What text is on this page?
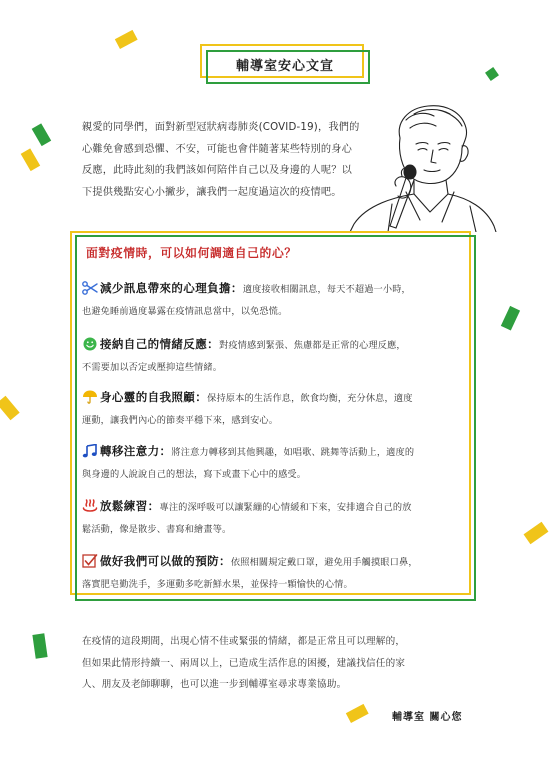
輔導室安心文宣
親愛的同學們，面對新型冠狀病毒肺炎(COVID-19)，我們的
心難免會感到恐懼、不安，可能也會伴隨著某些特別的身心
反應，此時此刻的我們該如何陪伴自己以及身邊的人呢？以
下提供幾點安心小撇步，讓我們一起度過這次的疫情吧。
面對疫情時，可以如何調適自己的心？
減少訊息帶來的心理負擔：適度接收相關訊息，每天不超過一小時，
也避免睡前過度暴露在疫情訊息當中，以免恐慌。
接納自己的情緒反應：對疫情感到緊張、焦慮都是正常的心理反應，
不需要加以否定或壓抑這些情緒。
身心靈的自我照顧：保持原本的生活作息，飲食均衡，充分休息，適度
運動，讓我們內心的節奏平穩下來，感到安心。
轉移注意力：將注意力轉移到其他興趣，如唱歌、跳舞等活動上，適度的
與身邊的人說說自己的想法，寫下或畫下心中的感受。
放鬆練習：專注的深呼吸可以讓緊繃的心情緩和下來，安排適合自己的放
鬆活動，像是散步、書寫和繪畫等。
做好我們可以做的預防：依照相關規定戴口罩，避免用手觸摸眼口鼻，
落實肥皂勤洗手，多運動多吃新鮮水果，並保持一顆愉快的心情。
在疫情的這段期間，出現心情不佳或緊張的情緒，都是正常且可以理解的，
但如果此情形持續一、兩周以上，已造成生活作息的困擾，建議找信任的家
人、朋友及老師聊聊，也可以進一步到輔導室尋求專業協助。
輔導室 關心您
